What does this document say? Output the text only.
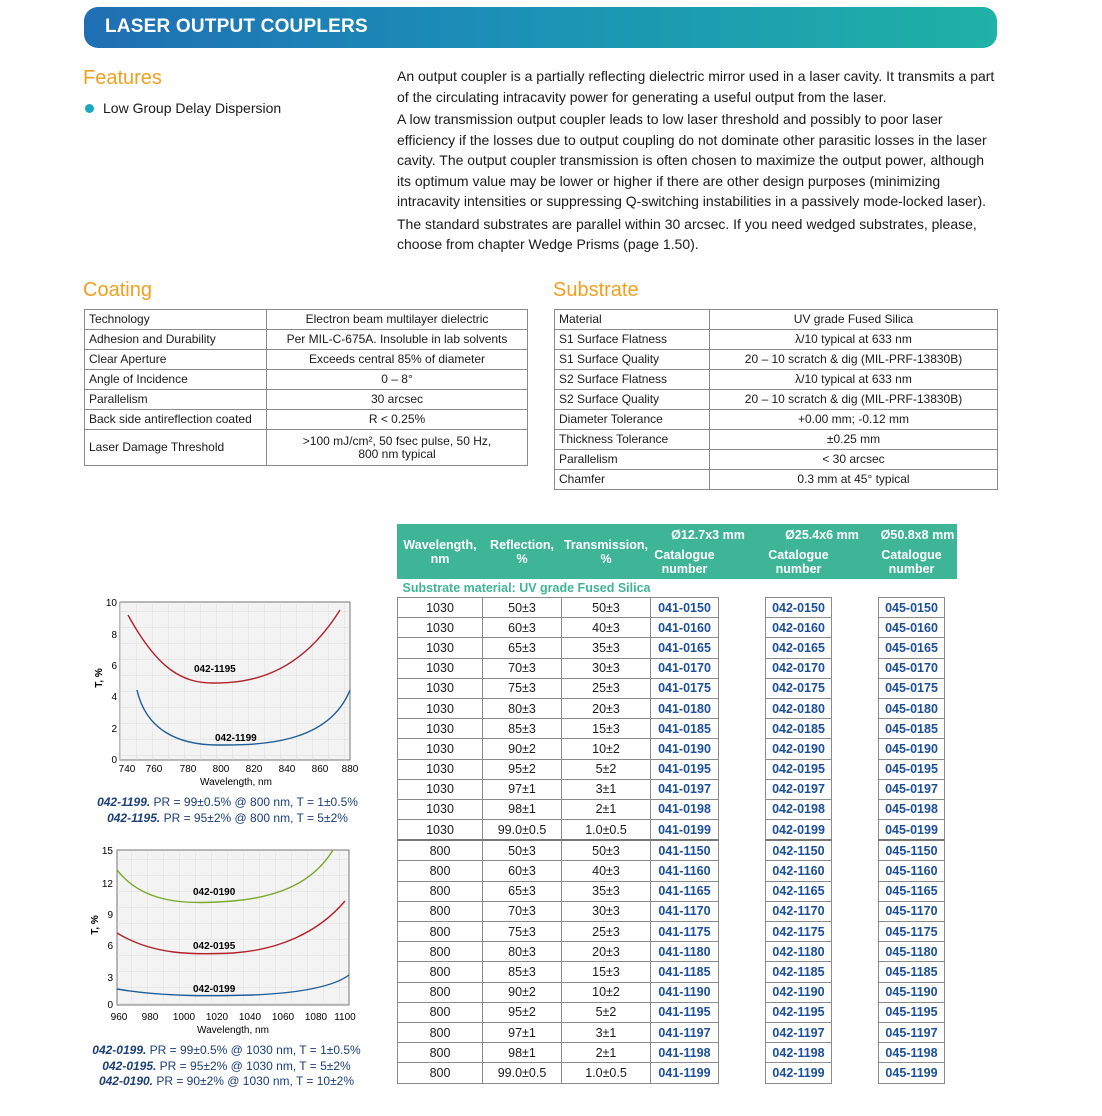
LASER OUTPUT COUPLERS
Features
Low Group Delay Dispersion

An output coupler is a partially reflecting dielectric mirror used in a laser cavity. It transmits a part of the circulating intracavity power for generating a useful output from the laser.

A low transmission output coupler leads to low laser threshold and possibly to poor laser efficiency if the losses due to output coupling do not dominate other parasitic losses in the laser cavity. The output coupler transmission is often chosen to maximize the output power, although its optimum value may be lower or higher if there are other design purposes (minimizing intracavity intensities or suppressing Q-switching instabilities in a passively mode-locked laser).

The standard substrates are parallel within 30 arcsec. If you need wedged substrates, please, choose from chapter Wedge Prisms (page 1.50).

Coating
Technology	Electron beam multilayer dielectric
Adhesion and Durability	Per MIL-C-675A. Insoluble in lab solvents
Clear Aperture	Exceeds central 85% of diameter
Angle of Incidence	0 – 8°
Parallelism	30 arcsec
Back side antireflection coated	R < 0.25%
Laser Damage Threshold	>100 mJ/cm², 50 fsec pulse, 50 Hz,
800 nm typical
Substrate
Material	UV grade Fused Silica
S1 Surface Flatness	λ/10 typical at 633 nm
S1 Surface Quality	20 – 10 scratch & dig (MIL-PRF-13830B)
S2 Surface Flatness	λ/10 typical at 633 nm
S2 Surface Quality	20 – 10 scratch & dig (MIL-PRF-13830B)
Diameter Tolerance	+0.00 mm; -0.12 mm
Thickness Tolerance	±0.25 mm
Parallelism	< 30 arcsec
Chamfer	0.3 mm at 45° typical
042-1195
042-1199
0
2
4
6
8
10
740 760 780 800 820 840 860 880
Wavelength, nm
T, %
042-1199. PR = 99±0.5% @ 800 nm, T = 1±0.5%
042-1195. PR = 95±2% @ 800 nm, T = 5±2%
042-0190
042-0195
042-0199
0
3
6
9
12
15
960 980 1000 1020 1040 1060 1080 1100
Wavelength, nm
T, %
042-0199. PR = 99±0.5% @ 1030 nm, T = 1±0.5%
042-0195. PR = 95±2% @ 1030 nm, T = 5±2%
042-0190. PR = 90±2% @ 1030 nm, T = 10±2%
Wavelength, nm	Reflection, %	Transmission, %	Ø12.7x3 mm		Ø25.4x6 mm		Ø50.8x8 mm	
			Catalogue number		Catalogue number		Catalogue number	
Substrate material: UV grade Fused Silica								
1030	50±3	50±3	041-0150		042-0150		045-0150	
1030	60±3	40±3	041-0160		042-0160		045-0160	
1030	65±3	35±3	041-0165		042-0165		045-0165	
1030	70±3	30±3	041-0170		042-0170		045-0170	
1030	75±3	25±3	041-0175		042-0175		045-0175	
1030	80±3	20±3	041-0180		042-0180		045-0180	
1030	85±3	15±3	041-0185		042-0185		045-0185	
1030	90±2	10±2	041-0190		042-0190		045-0190	
1030	95±2	5±2	041-0195		042-0195		045-0195	
1030	97±1	3±1	041-0197		042-0197		045-0197	
1030	98±1	2±1	041-0198		042-0198		045-0198	
1030	99.0±0.5	1.0±0.5	041-0199		042-0199		045-0199	
800	50±3	50±3	041-1150		042-1150		045-1150	
800	60±3	40±3	041-1160		042-1160		045-1160	
800	65±3	35±3	041-1165		042-1165		045-1165	
800	70±3	30±3	041-1170		042-1170		045-1170	
800	75±3	25±3	041-1175		042-1175		045-1175	
800	80±3	20±3	041-1180		042-1180		045-1180	
800	85±3	15±3	041-1185		042-1185		045-1185	
800	90±2	10±2	041-1190		042-1190		045-1190	
800	95±2	5±2	041-1195		042-1195		045-1195	
800	97±1	3±1	041-1197		042-1197		045-1197	
800	98±1	2±1	041-1198		042-1198		045-1198	
800	99.0±0.5	1.0±0.5	041-1199		042-1199		045-1199	
